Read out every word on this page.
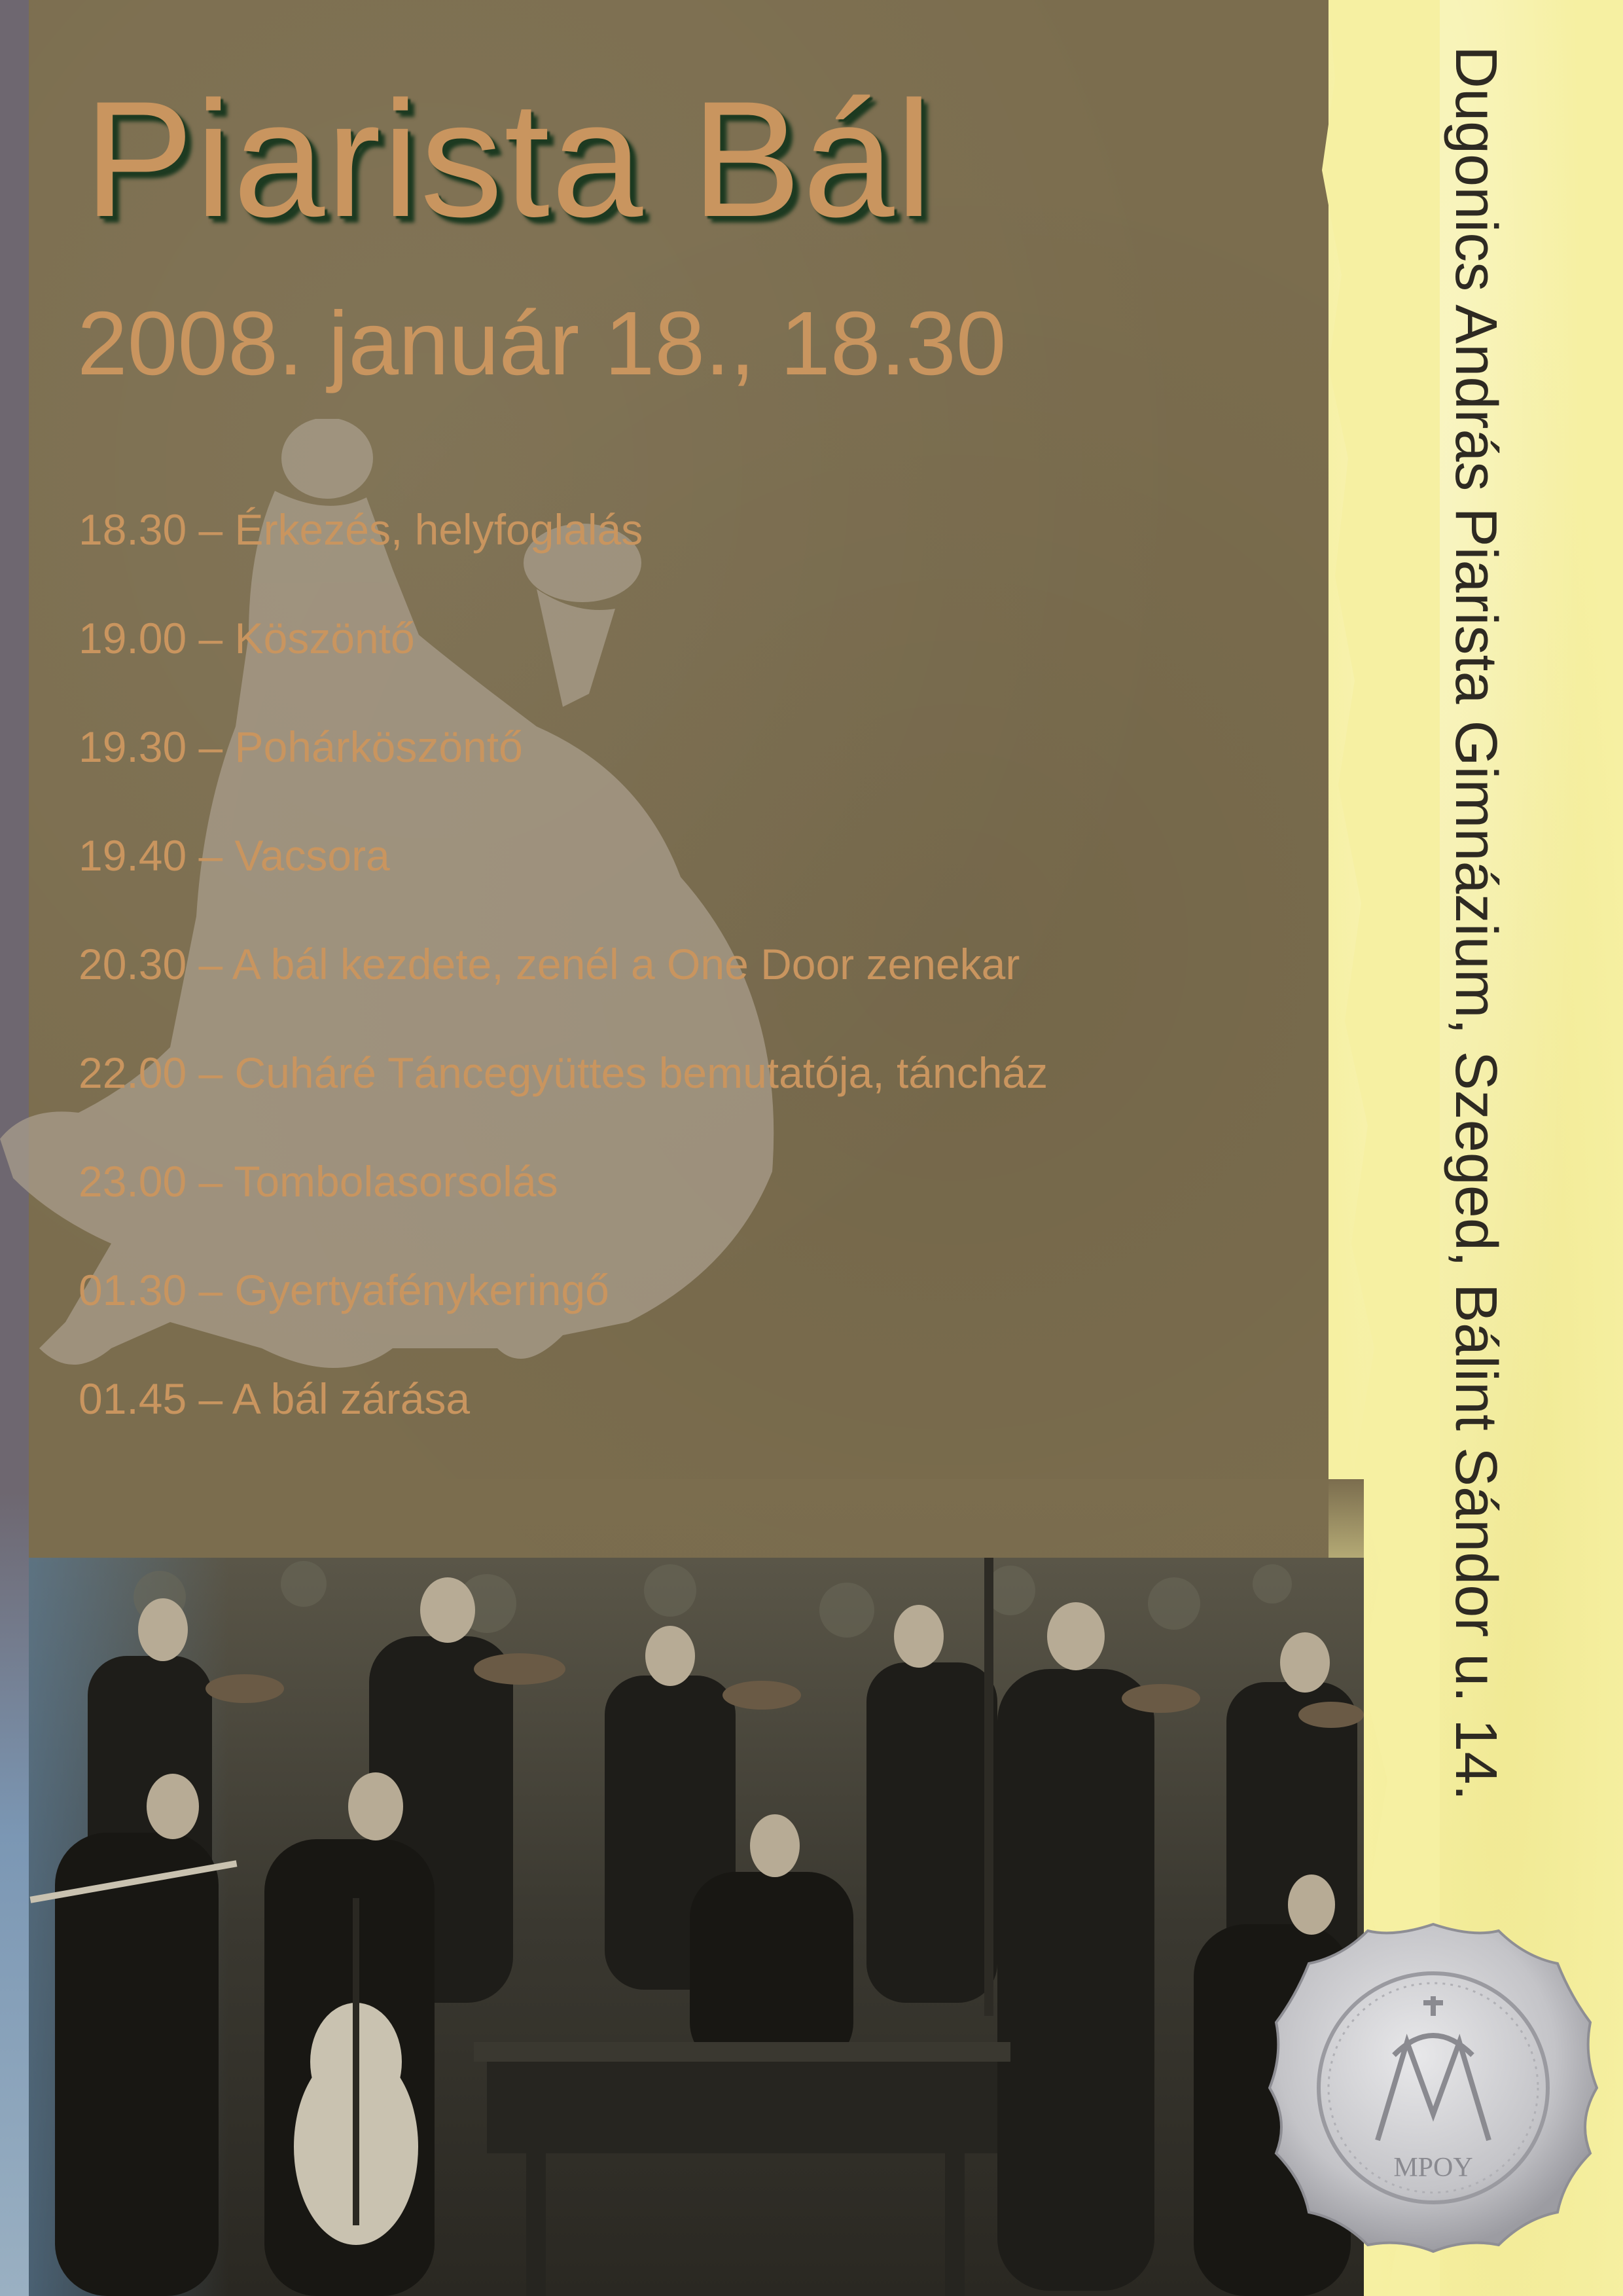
Piarista Bál
2008. január 18., 18.30
18.30 – Érkezés, helyfoglalás
19.00 – Köszöntő
19.30 – Pohárköszöntő
19.40 – Vacsora
20.30 – A bál kezdete, zenél a One Door zenekar
22.00 – Cuháré Táncegyüttes bemutatója, táncház
23.00 – Tombolasorsolás
01.30 – Gyertyafénykeringő
01.45 – A bál zárása	Dugonics András Piarista Gimnázium, Szeged, Bálint Sándor u. 14.
MPOY
